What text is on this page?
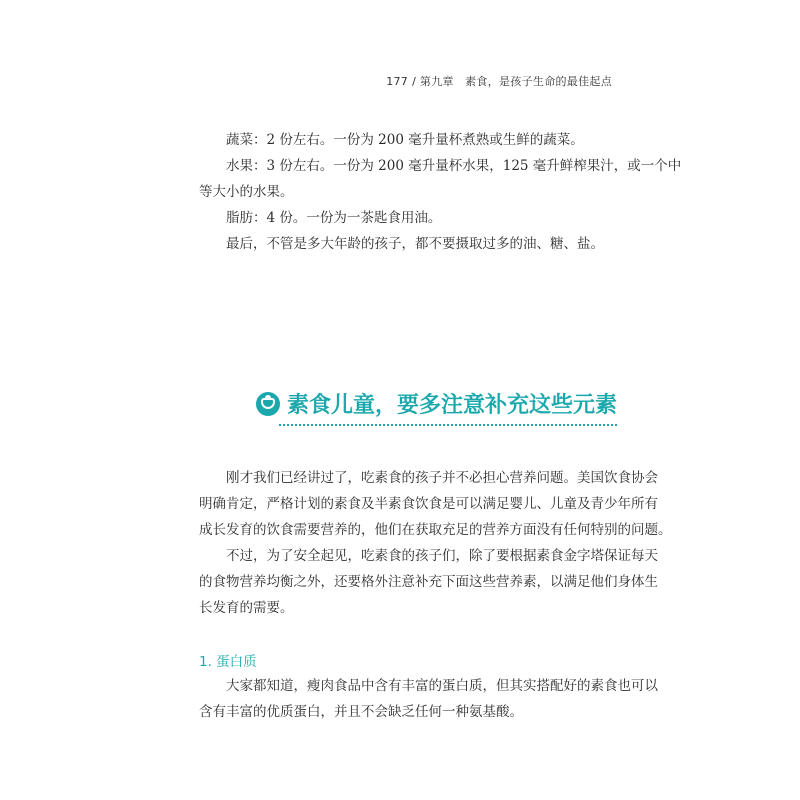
177 / 第九章　素食，是孩子生命的最佳起点

蔬菜：2 份左右。一份为 200 毫升量杯煮熟或生鲜的蔬菜。

水果：3 份左右。一份为 200 毫升量杯水果，125 毫升鲜榨果汁，或一个中

等大小的水果。

脂肪：4 份。一份为一茶匙食用油。

最后，不管是多大年龄的孩子，都不要摄取过多的油、糖、盐。

素食儿童，要多注意补充这些元素

刚才我们已经讲过了，吃素食的孩子并不必担心营养问题。美国饮食协会

明确肯定，严格计划的素食及半素食饮食是可以满足婴儿、儿童及青少年所有

成长发育的饮食需要营养的，他们在获取充足的营养方面没有任何特别的问题。

不过，为了安全起见，吃素食的孩子们，除了要根据素食金字塔保证每天

的食物营养均衡之外，还要格外注意补充下面这些营养素，以满足他们身体生

长发育的需要。

1. 蛋白质

大家都知道，瘦肉食品中含有丰富的蛋白质，但其实搭配好的素食也可以

含有丰富的优质蛋白，并且不会缺乏任何一种氨基酸。
